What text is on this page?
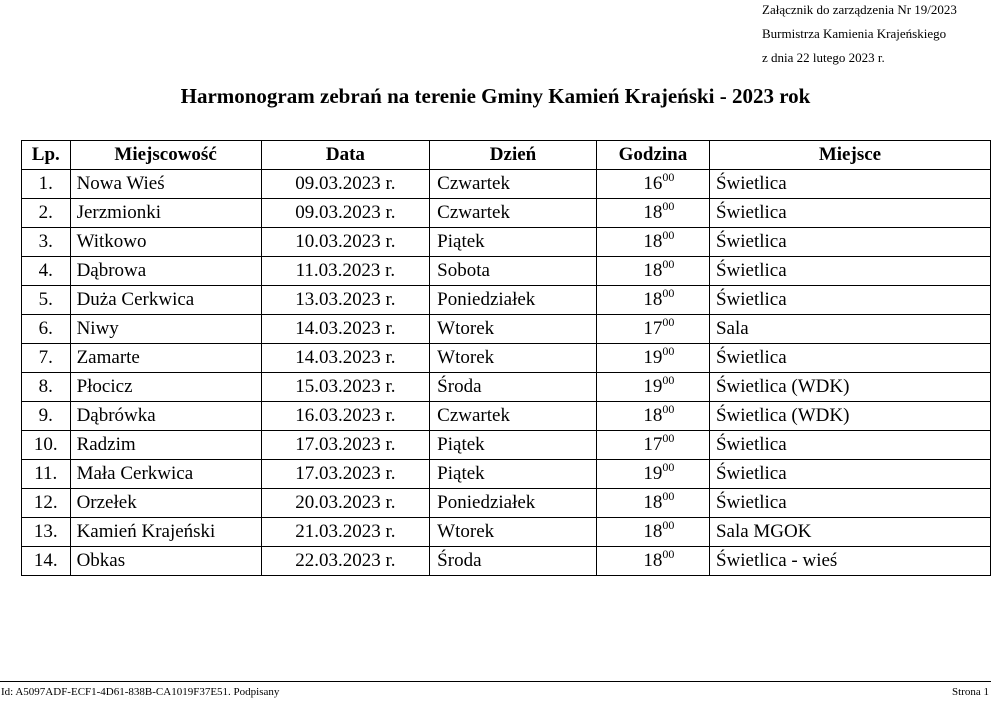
Załącznik do zarządzenia Nr 19/2023
Burmistrza Kamienia Krajeńskiego
z dnia 22 lutego 2023 r.
Harmonogram zebrań na terenie Gminy Kamień Krajeński - 2023 rok
Lp.	Miejscowość	Data	Dzień	Godzina	Miejsce
1.	Nowa Wieś	09.03.2023 r.	Czwartek	$16^{00}$	Świetlica
2.	Jerzmionki	09.03.2023 r.	Czwartek	$18^{00}$	Świetlica
3.	Witkowo	10.03.2023 r.	Piątek	$18^{00}$	Świetlica
4.	Dąbrowa	11.03.2023 r.	Sobota	$18^{00}$	Świetlica
5.	Duża Cerkwica	13.03.2023 r.	Poniedziałek	$18^{00}$	Świetlica
6.	Niwy	14.03.2023 r.	Wtorek	$17^{00}$	Sala
7.	Zamarte	14.03.2023 r.	Wtorek	$19^{00}$	Świetlica
8.	Płocicz	15.03.2023 r.	Środa	$19^{00}$	Świetlica (WDK)
9.	Dąbrówka	16.03.2023 r.	Czwartek	$18^{00}$	Świetlica (WDK)
10.	Radzim	17.03.2023 r.	Piątek	$17^{00}$	Świetlica
11.	Mała Cerkwica	17.03.2023 r.	Piątek	$19^{00}$	Świetlica
12.	Orzełek	20.03.2023 r.	Poniedziałek	$18^{00}$	Świetlica
13.	Kamień Krajeński	21.03.2023 r.	Wtorek	$18^{00}$	Sala MGOK
14.	Obkas	22.03.2023 r.	Środa	$18^{00}$	Świetlica - wieś
Id: A5097ADF-ECF1-4D61-838B-CA1019F37E51. Podpisany	Strona 1
